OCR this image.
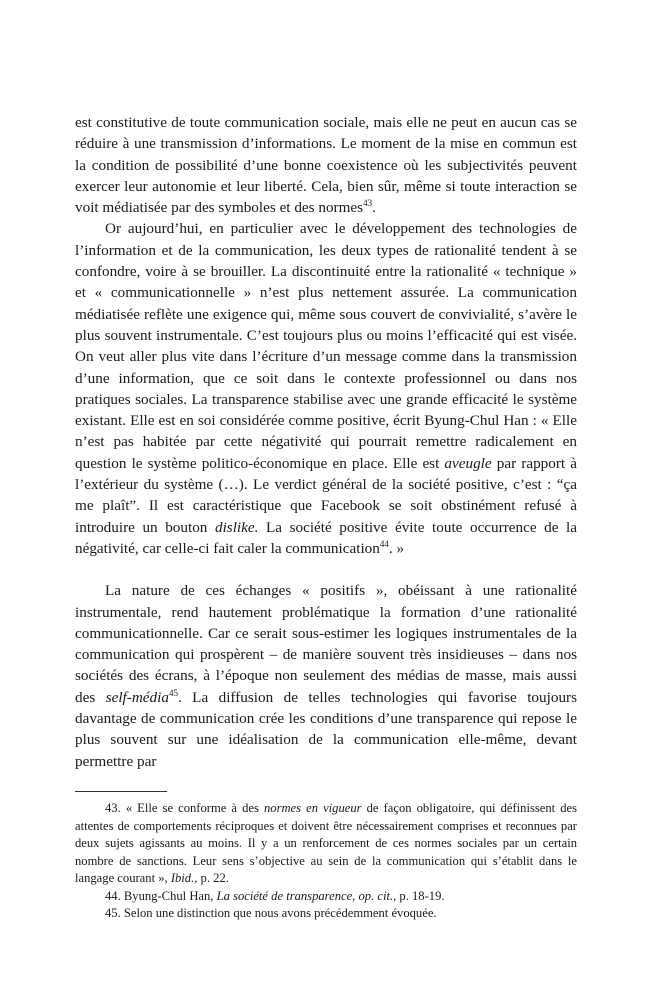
est constitutive de toute communication sociale, mais elle ne peut en aucun cas se réduire à une transmission d’informations. Le moment de la mise en commun est la condition de possibilité d’une bonne coexistence où les subjectivités peuvent exercer leur autonomie et leur liberté. Cela, bien sûr, même si toute interaction se voit médiatisée par des symboles et des normes$^{43}$.

Or aujourd’hui, en particulier avec le développement des technologies de l’information et de la communication, les deux types de rationalité tendent à se confondre, voire à se brouiller. La discontinuité entre la rationalité « technique » et « communicationnelle » n’est plus nettement assurée. La communication médiatisée reflète une exigence qui, même sous couvert de convivialité, s’avère le plus souvent instrumentale. C’est toujours plus ou moins l’efficacité qui est visée. On veut aller plus vite dans l’écriture d’un message comme dans la transmission d’une information, que ce soit dans le contexte professionnel ou dans nos pratiques sociales. La transparence stabilise avec une grande efficacité le système existant. Elle est en soi considérée comme positive, écrit Byung-Chul Han : « Elle n’est pas habitée par cette négativité qui pourrait remettre radicalement en question le système politico-économique en place. Elle est aveugle par rapport à l’extérieur du système (…). Le verdict général de la société positive, c’est : “ça me plaît”. Il est caractéristique que Facebook se soit obstinément refusé à introduire un bouton dislike. La société positive évite toute occurrence de la négativité, car celle-ci fait caler la communication$^{44}$. »

La nature de ces échanges « positifs », obéissant à une rationalité instrumentale, rend hautement problématique la formation d’une rationalité communicationnelle. Car ce serait sous-estimer les logiques instrumentales de la communication qui prospèrent – de manière souvent très insidieuses – dans nos sociétés des écrans, à l’époque non seulement des médias de masse, mais aussi des self-média$^{45}$. La diffusion de telles technologies qui favorise toujours davantage de communication crée les conditions d’une transparence qui repose le plus souvent sur une idéalisation de la communication elle-même, devant permettre par

43. « Elle se conforme à des normes en vigueur de façon obligatoire, qui définissent des attentes de comportements réciproques et doivent être nécessairement comprises et reconnues par deux sujets agissants au moins. Il y a un renforcement de ces normes sociales par un certain nombre de sanctions. Leur sens s’objective au sein de la communication qui s’établit dans le langage courant », Ibid., p. 22.

44. Byung-Chul Han, La société de transparence, op. cit., p. 18-19.

45. Selon une distinction que nous avons précédemment évoquée.
